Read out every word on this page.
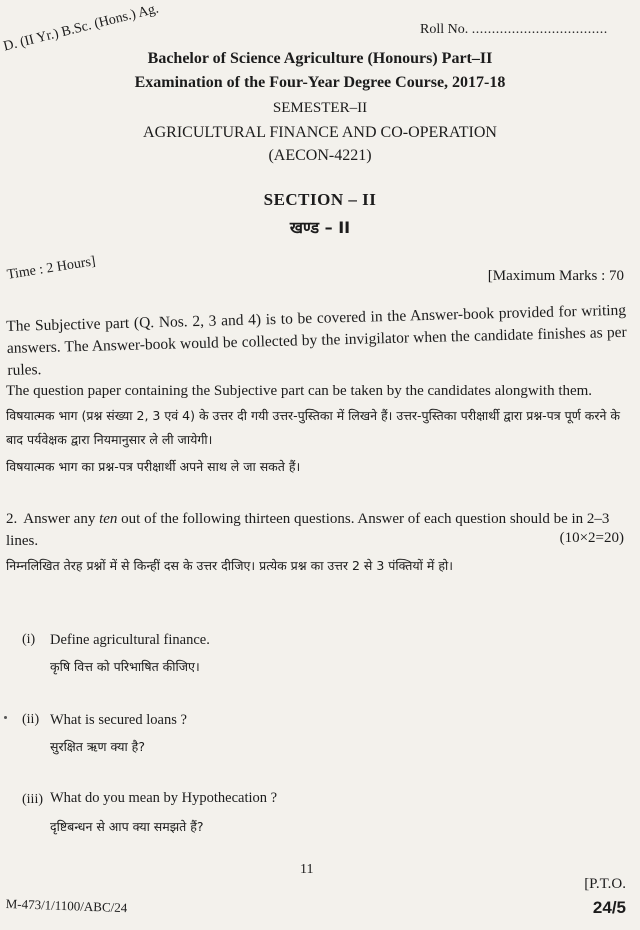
Roll No. ..................................
D. (II Yr.) B.Sc. (Hons.) Ag.
Bachelor of Science Agriculture (Honours) Part–II
Examination of the Four-Year Degree Course, 2017-18
SEMESTER–II
AGRICULTURAL FINANCE AND CO-OPERATION
(AECON-4221)
SECTION – II
खण्ड – II
Time : 2 Hours]	[Maximum Marks : 70
The Subjective part (Q. Nos. 2, 3 and 4) is to be covered in the Answer-book provided for writing answers. The Answer-book would be collected by the invigilator when the candidate finishes as per rules.
The question paper containing the Subjective part can be taken by the candidates alongwith them.
विषयात्मक भाग (प्रश्न संख्या 2, 3 एवं 4) के उत्तर दी गयी उत्तर-पुस्तिका में लिखने हैं। उत्तर-पुस्तिका परीक्षार्थी द्वारा प्रश्न-पत्र पूर्ण करने के बाद पर्यवेक्षक द्वारा नियमानुसार ले ली जायेगी।
विषयात्मक भाग का प्रश्न-पत्र परीक्षार्थी अपने साथ ले जा सकते हैं।
2. Answer any ten out of the following thirteen questions. Answer of each question should be in 2–3 lines.	(10×2=20)
निम्नलिखित तेरह प्रश्नों में से किन्हीं दस के उत्तर दीजिए। प्रत्येक प्रश्न का उत्तर 2 से 3 पंक्तियों में हो।
(i) Define agricultural finance.
कृषि वित्त को परिभाषित कीजिए।
(ii) What is secured loans ?
सुरक्षित ऋण क्या है?
(iii) What do you mean by Hypothecation ?
दृष्टिबन्धन से आप क्या समझते हैं?
M-473/1/1100/ABC/24
11
[P.T.O.
24/5
